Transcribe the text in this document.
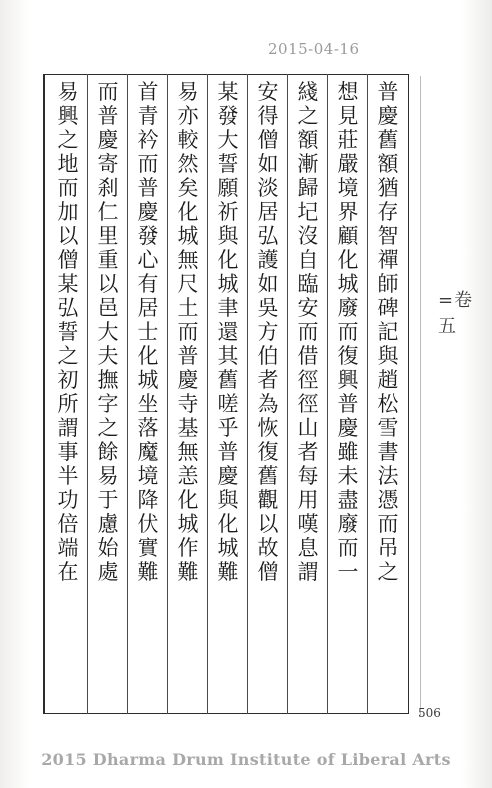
2015-04-16
普
慶
舊
額
猶
存
智
禪
師
碑
記
與
趙
松
雪
書
法
憑
而
吊
之
想
見
莊
嚴
境
界
顧
化
城
廢
而
復
興
普
慶
雖
未
盡
廢
而
一
綫
之
額
漸
歸
圮
沒
自
臨
安
而
借
徑
徑
山
者
每
用
嘆
息
謂
安
得
僧
如
淡
居
弘
護
如
吳
方
伯
者
為
恢
復
舊
觀
以
故
僧
某
發
大
誓
願
祈
與
化
城
聿
還
其
舊
嗟
乎
普
慶
與
化
城
難
易
亦
較
然
矣
化
城
無
尺
土
而
普
慶
寺
基
無
恙
化
城
作
難
首
青
衿
而
普
慶
發
心
有
居
士
化
城
坐
落
魔
境
降
伏
實
難
而
普
慶
寄
刹
仁
里
重
以
邑
大
夫
撫
字
之
餘
易
于
慮
始
處
易
興
之
地
而
加
以
僧
某
弘
誓
之
初
所
謂
事
半
功
倍
端
在
=卷五
506
2015 Dharma Drum Institute of Liberal Arts
